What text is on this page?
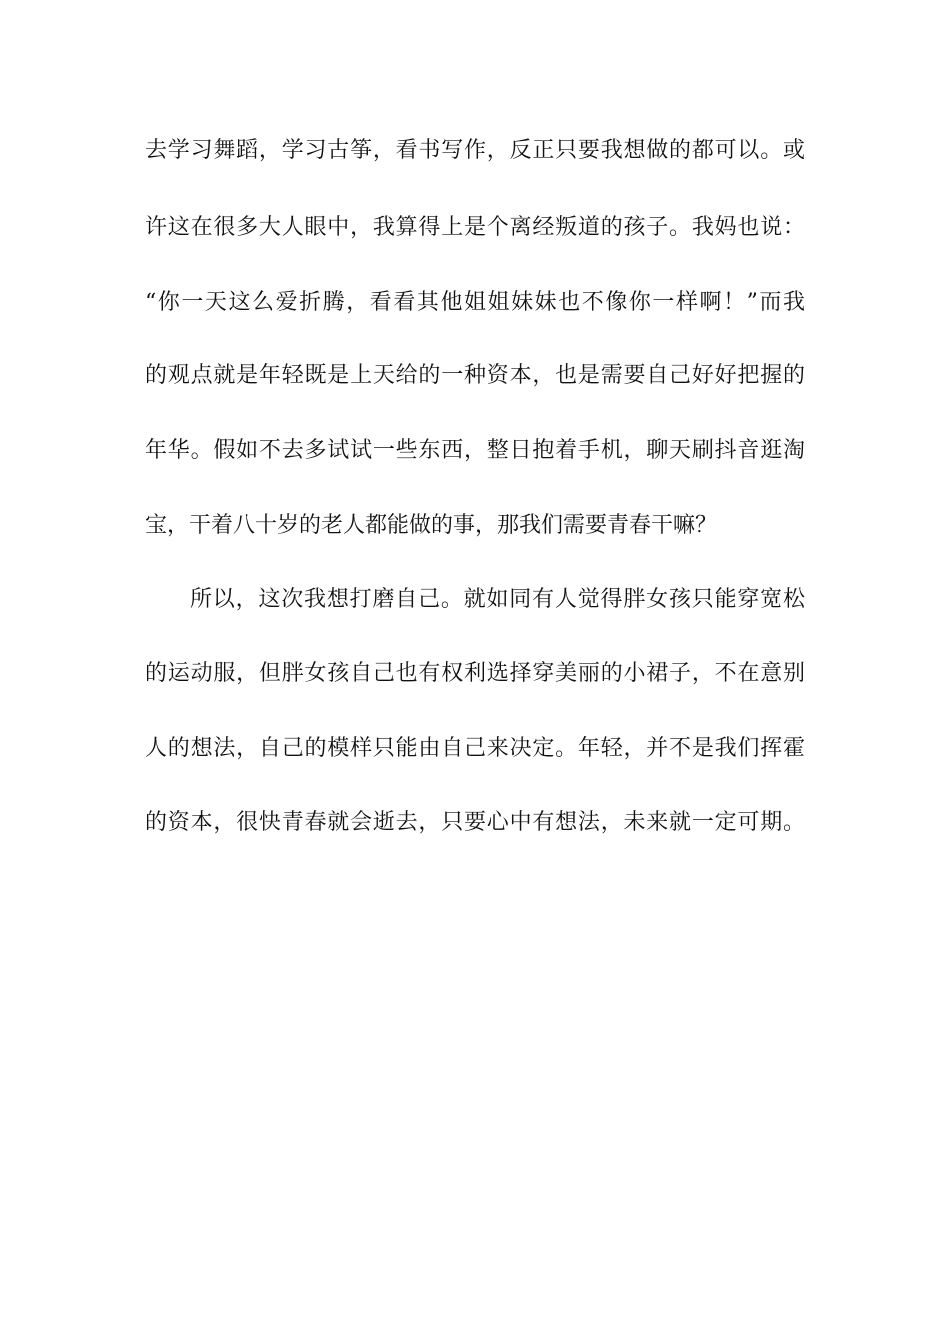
去学习舞蹈，学习古筝，看书写作，反正只要我想做的都可以。或
许这在很多大人眼中，我算得上是个离经叛道的孩子。我妈也说：
“你一天这么爱折腾，看看其他姐姐妹妹也不像你一样啊！”而我
的观点就是年轻既是上天给的一种资本，也是需要自己好好把握的
年华。假如不去多试试一些东西，整日抱着手机，聊天刷抖音逛淘
宝，干着八十岁的老人都能做的事，那我们需要青春干嘛？
所以，这次我想打磨自己。就如同有人觉得胖女孩只能穿宽松
的运动服，但胖女孩自己也有权利选择穿美丽的小裙子，不在意别
人的想法，自己的模样只能由自己来决定。年轻，并不是我们挥霍
的资本，很快青春就会逝去，只要心中有想法，未来就一定可期。
